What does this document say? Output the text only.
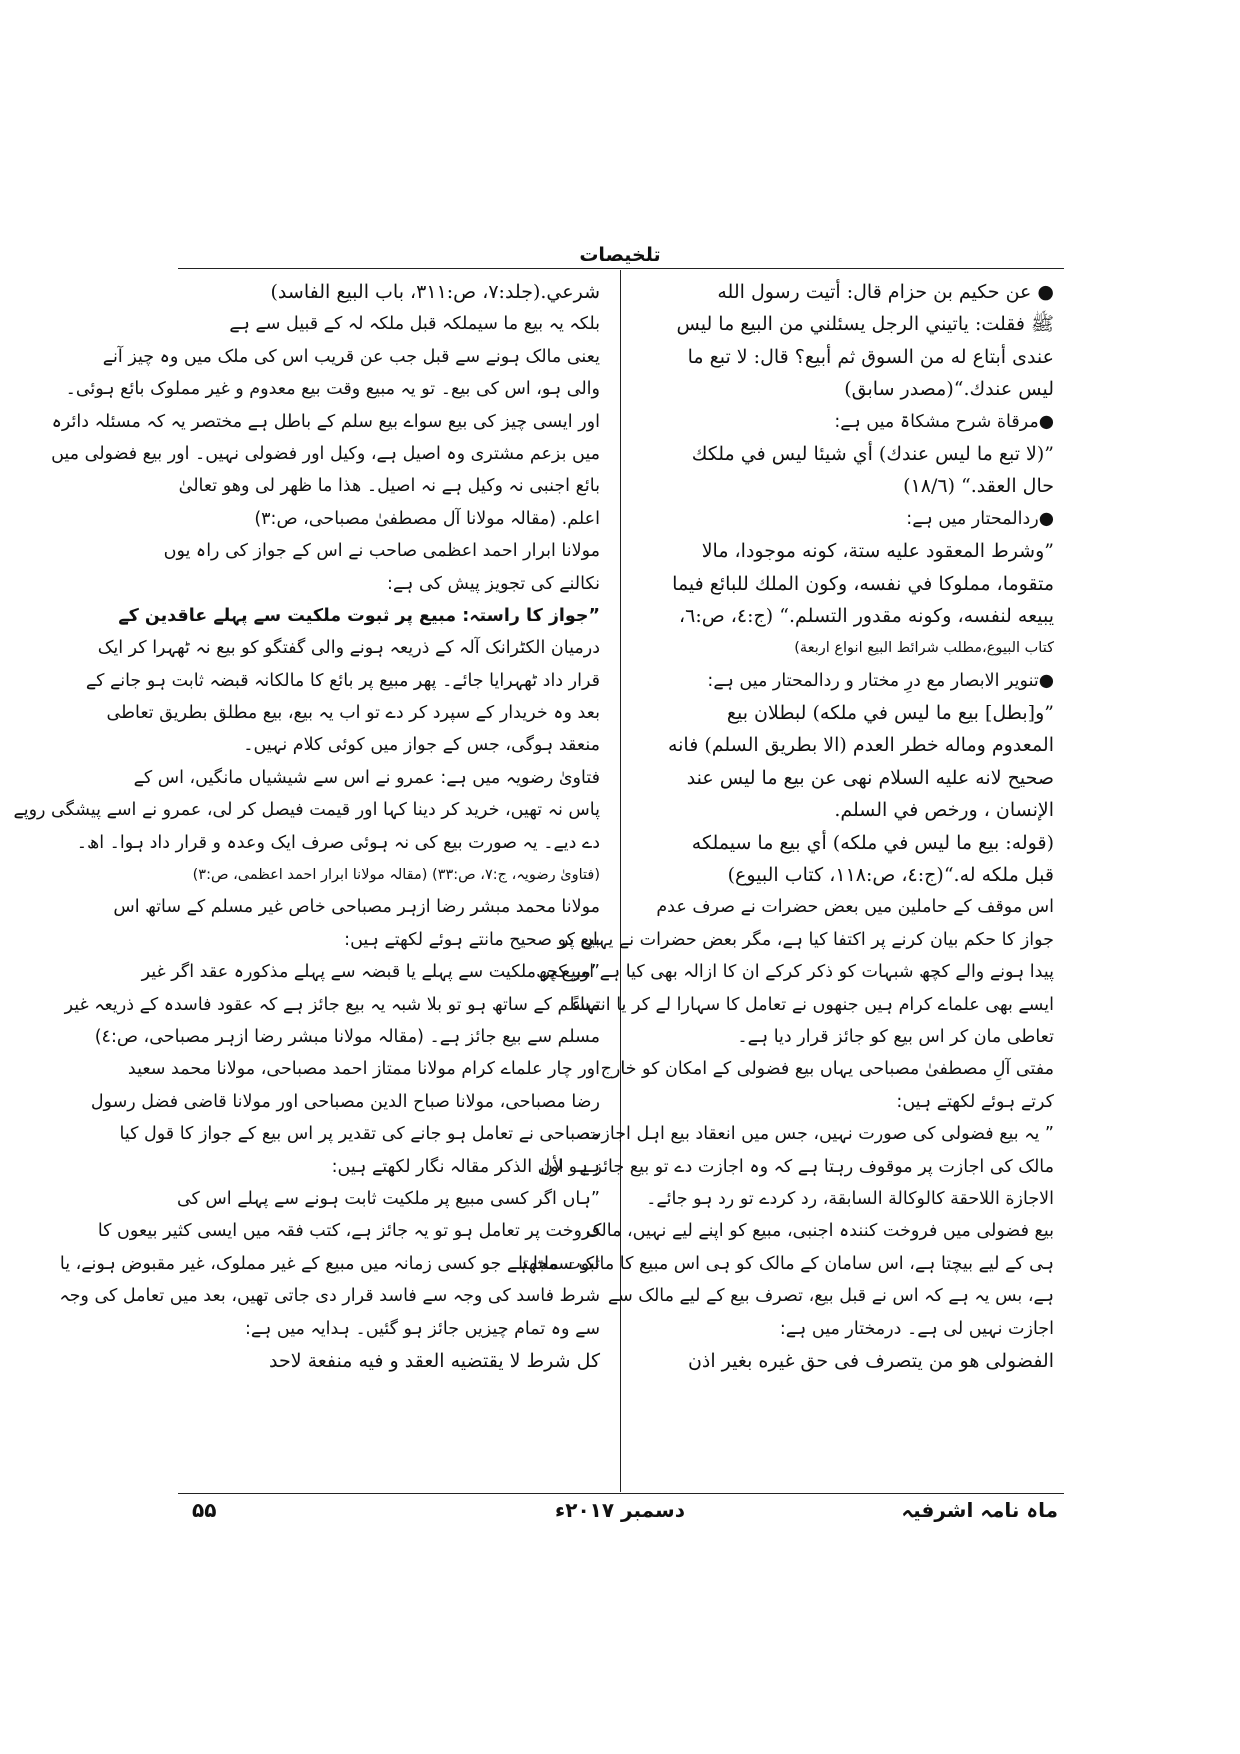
تلخیصات
● عن حكيم بن حزام قال: أتيت رسول الله
ﷺ فقلت: ياتيني الرجل يسئلني من البيع ما ليس
عندى أبتاع له من السوق ثم أبيع؟ قال: لا تبع ما
ليس عندك.“(مصدر سابق)
●مرقاة شرح مشکاۃ میں ہے:
”(لا تبع ما ليس عندك) أي شيئا ليس في ملكك
حال العقد.“ (١٨/٦)
●ردالمحتار میں ہے:
”وشرط المعقود عليه ستة، كونه موجودا، مالا
متقوما، مملوكا في نفسه، وكون الملك للبائع فيما
يبيعه لنفسه، وكونه مقدور التسلم.“ (ج:٤، ص:٦،
كتاب البيوع،مطلب شرائط البيع انواع اربعة)
●تنویر الابصار مع درِ مختار و ردالمحتار میں ہے:
”و[بطل] بيع ما ليس في ملكه) لبطلان بيع
المعدوم وماله خطر العدم (الا بطريق السلم) فانه
صحيح لانه عليه السلام نهى عن بيع ما ليس عند
الإنسان ، ورخص في السلم.
(قوله: بيع ما ليس في ملكه) أي بيع ما سيملكه
قبل ملكه له.“(ج:٤، ص:١١٨، كتاب البيوع)
اس موقف کے حاملین میں بعض حضرات نے صرف عدم
جواز کا حکم بیان کرنے پر اکتفا کیا ہے، مگر بعض حضرات نے یہاں پر
پیدا ہونے والے کچھ شبہات کو ذکر کرکے ان کا ازالہ بھی کیا ہے اور کچھ
ایسے بھی علماے کرام ہیں جنھوں نے تعامل کا سہارا لے کر یا انتہاءً
تعاطی مان کر اس بیع کو جائز قرار دیا ہے۔
مفتی آلِ مصطفیٰ مصباحی یہاں بیع فضولی کے امکان کو خارج
کرتے ہوئے لکھتے ہیں:
” یہ بیع فضولی کی صورت نہیں، جس میں انعقاد بیع اہل اجازت
مالک کی اجازت پر موقوف رہتا ہے کہ وہ اجازت دے تو بیع جائز ہو لأن
الاجازة اللاحقة كالوكالة السابقة، رد کردے تو رد ہو جائے۔
بیع فضولی میں فروخت کنندہ اجنبی، مبیع کو اپنے لیے نہیں، مالک
ہی کے لیے بیچتا ہے، اس سامان کے مالک کو ہی اس مبیع کا مالک سمجھتا
ہے، بس یہ ہے کہ اس نے قبل بیع، تصرف بیع کے لیے مالک سے
اجازت نہیں لی ہے۔ درمختار میں ہے:
الفضولی هو من يتصرف فی حق غيره بغير اذن
شرعي.(جلد:٧، ص:٣١١، باب البيع الفاسد)
بلکہ یہ بیع ما سیملکہ قبل ملکہ لہ کے قبیل سے ہے
یعنی مالک ہونے سے قبل جب عن قریب اس کی ملک میں وہ چیز آنے
والی ہو، اس کی بیع۔ تو یہ مبیع وقت بیع معدوم و غیر مملوک بائع ہوئی۔
اور ایسی چیز کی بیع سواے بیع سلم کے باطل ہے مختصر یہ کہ مسئلہ دائرہ
میں بزعم مشتری وہ اصیل ہے، وکیل اور فضولی نہیں۔ اور بیع فضولی میں
بائع اجنبی نہ وکیل ہے نہ اصیل۔ هذا ما ظهر لی وهو تعالیٰ
اعلم. (مقالہ مولانا آل مصطفیٰ مصباحی، ص:٣)
مولانا ابرار احمد اعظمی صاحب نے اس کے جواز کی راہ یوں
نکالنے کی تجویز پیش کی ہے:
”جواز کا راستہ: مبیع پر ثبوت ملکیت سے پہلے عاقدین کے
درمیان الکٹرانک آلہ کے ذریعہ ہونے والی گفتگو کو بیع نہ ٹھہرا کر ایک
قرار داد ٹھہرایا جائے۔ پھر مبیع پر بائع کا مالکانہ قبضہ ثابت ہو جانے کے
بعد وہ خریدار کے سپرد کر دے تو اب یہ بیع، بیع مطلق بطریق تعاطی
منعقد ہوگی، جس کے جواز میں کوئی کلام نہیں۔
فتاویٰ رضویہ میں ہے: عمرو نے اس سے شیشیاں مانگیں، اس کے
پاس نہ تھیں، خرید کر دینا کہا اور قیمت فیصل کر لی، عمرو نے اسے پیشگی روپے
دے دیے۔ یہ صورت بیع کی نہ ہوئی صرف ایک وعدہ و قرار داد ہوا۔ اھ۔
(فتاویٰ رضویہ، ج:٧، ص:٣٣) (مقالہ مولانا ابرار احمد اعظمی، ص:٣)
مولانا محمد مبشر رضا ازہر مصباحی خاص غیر مسلم کے ساتھ اس
بیع کو صحیح مانتے ہوئے لکھتے ہیں:
”مبیع پر ملکیت سے پہلے یا قبضہ سے پہلے مذکورہ عقد اگر غیر
مسلم کے ساتھ ہو تو بلا شبہ یہ بیع جائز ہے کہ عقود فاسدہ کے ذریعہ غیر
مسلم سے بیع جائز ہے۔ (مقالہ مولانا مبشر رضا ازہر مصباحی، ص:٤)
اور چار علماے کرام مولانا ممتاز احمد مصباحی، مولانا محمد سعید
رضا مصباحی، مولانا صباح الدین مصباحی اور مولانا قاضی فضل رسول
مصباحی نے تعامل ہو جانے کی تقدیر پر اس بیع کے جواز کا قول کیا
ہے۔ اول الذکر مقالہ نگار لکھتے ہیں:
”ہاں اگر کسی مبیع پر ملکیت ثابت ہونے سے پہلے اس کی
فروخت پر تعامل ہو تو یہ جائز ہے، کتب فقہ میں ایسی کثیر بیعوں کا
ثبوت ملتا ہے جو کسی زمانہ میں مبیع کے غیر مملوک، غیر مقبوض ہونے، یا
شرط فاسد کی وجہ سے فاسد قرار دی جاتی تھیں، بعد میں تعامل کی وجہ
سے وہ تمام چیزیں جائز ہو گئیں۔ ہدایہ میں ہے:
كل شرط لا يقتضيه العقد و فيه منفعة لاحد
۵۵	دسمبر ۲۰۱۷ء	ماہ نامہ اشرفیہ
